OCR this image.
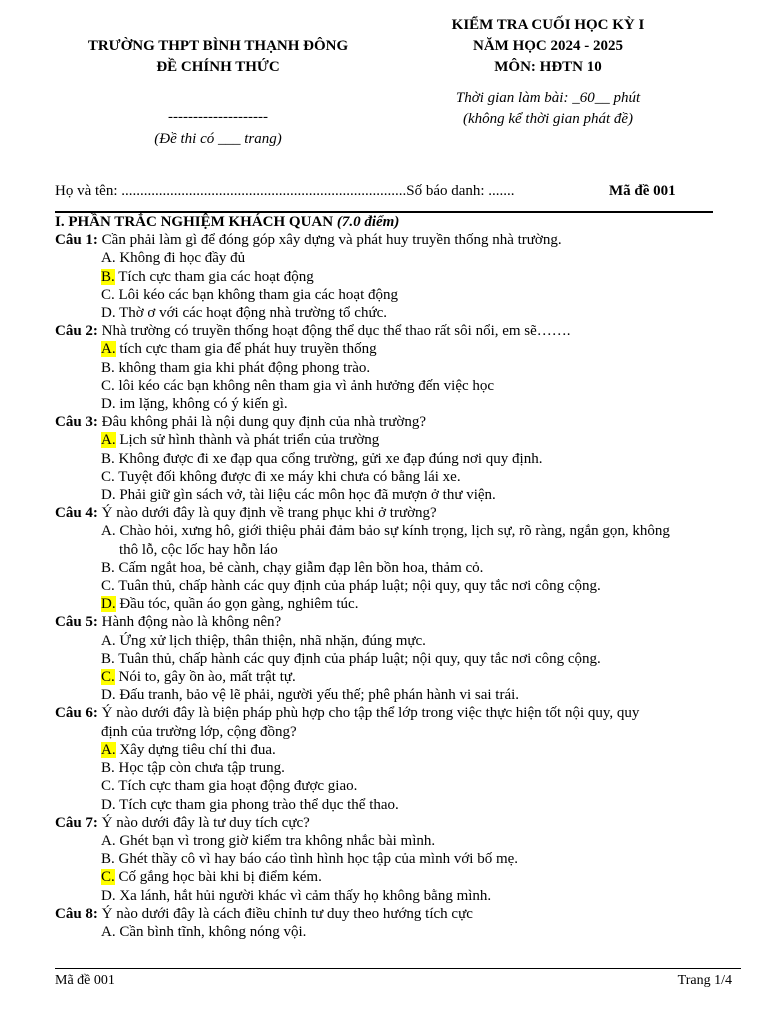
TRƯỜNG THPT BÌNH THẠNH ĐÔNG
ĐỀ CHÍNH THỨC
--------------------
(Đề thi có ___ trang)
KIỂM TRA CUỐI HỌC KỲ I
NĂM HỌC 2024 - 2025
MÔN: HĐTN 10
Thời gian làm bài: _60__ phút
(không kể thời gian phát đề)
Họ và tên: ............................................................................Số báo danh: .......	Mã đề 001
I. PHẦN TRẮC NGHIỆM KHÁCH QUAN (7.0 điểm)
Câu 1: Cần phải làm gì để đóng góp xây dựng và phát huy truyền thống nhà trường.
A. Không đi học đầy đủ
B. Tích cực tham gia các hoạt động
C. Lôi kéo các bạn không tham gia các hoạt động
D. Thờ ơ với các hoạt động nhà trường tổ chức.
Câu 2: Nhà trường có truyền thống hoạt động thể dục thể thao rất sôi nổi, em sẽ…….
A. tích cực tham gia để phát huy truyền thống
B. không tham gia khi phát động phong trào.
C. lôi kéo các bạn không nên tham gia vì ảnh hưởng đến việc học
D. im lặng, không có ý kiến gì.
Câu 3: Đâu không phải là nội dung quy định của nhà trường?
A. Lịch sử hình thành và phát triển của trường
B. Không được đi xe đạp qua cổng trường, gửi xe đạp đúng nơi quy định.
C. Tuyệt đối không được đi xe máy khi chưa có bằng lái xe.
D. Phải giữ gìn sách vở, tài liệu các môn học đã mượn ở thư viện.
Câu 4: Ý nào dưới đây là quy định về trang phục khi ở trường?
A. Chào hỏi, xưng hô, giới thiệu phải đảm bảo sự kính trọng, lịch sự, rõ ràng, ngắn gọn, không
thô lỗ, cộc lốc hay hỗn láo
B. Cấm ngắt hoa, bẻ cành, chạy giẫm đạp lên bồn hoa, thảm cỏ.
C. Tuân thủ, chấp hành các quy định của pháp luật; nội quy, quy tắc nơi công cộng.
D. Đầu tóc, quần áo gọn gàng, nghiêm túc.
Câu 5: Hành động nào là không nên?
A. Ứng xử lịch thiệp, thân thiện, nhã nhặn, đúng mực.
B. Tuân thủ, chấp hành các quy định của pháp luật; nội quy, quy tắc nơi công cộng.
C. Nói to, gây ồn ào, mất trật tự.
D. Đấu tranh, bảo vệ lẽ phải, người yếu thế; phê phán hành vi sai trái.
Câu 6: Ý nào dưới đây là biện pháp phù hợp cho tập thể lớp trong việc thực hiện tốt nội quy, quy
định của trường lớp, cộng đồng?
A. Xây dựng tiêu chí thi đua.
B. Học tập còn chưa tập trung.
C. Tích cực tham gia hoạt động được giao.
D. Tích cực tham gia phong trào thể dục thể thao.
Câu 7: Ý nào dưới đây là tư duy tích cực?
A. Ghét bạn vì trong giờ kiểm tra không nhắc bài mình.
B. Ghét thầy cô vì hay báo cáo tình hình học tập của mình với bố mẹ.
C. Cố gắng học bài khi bị điểm kém.
D. Xa lánh, hắt hủi người khác vì cảm thấy họ không bằng mình.
Câu 8: Ý nào dưới đây là cách điều chỉnh tư duy theo hướng tích cực
A. Cần bình tĩnh, không nóng vội.
Mã đề 001	Trang 1/4
